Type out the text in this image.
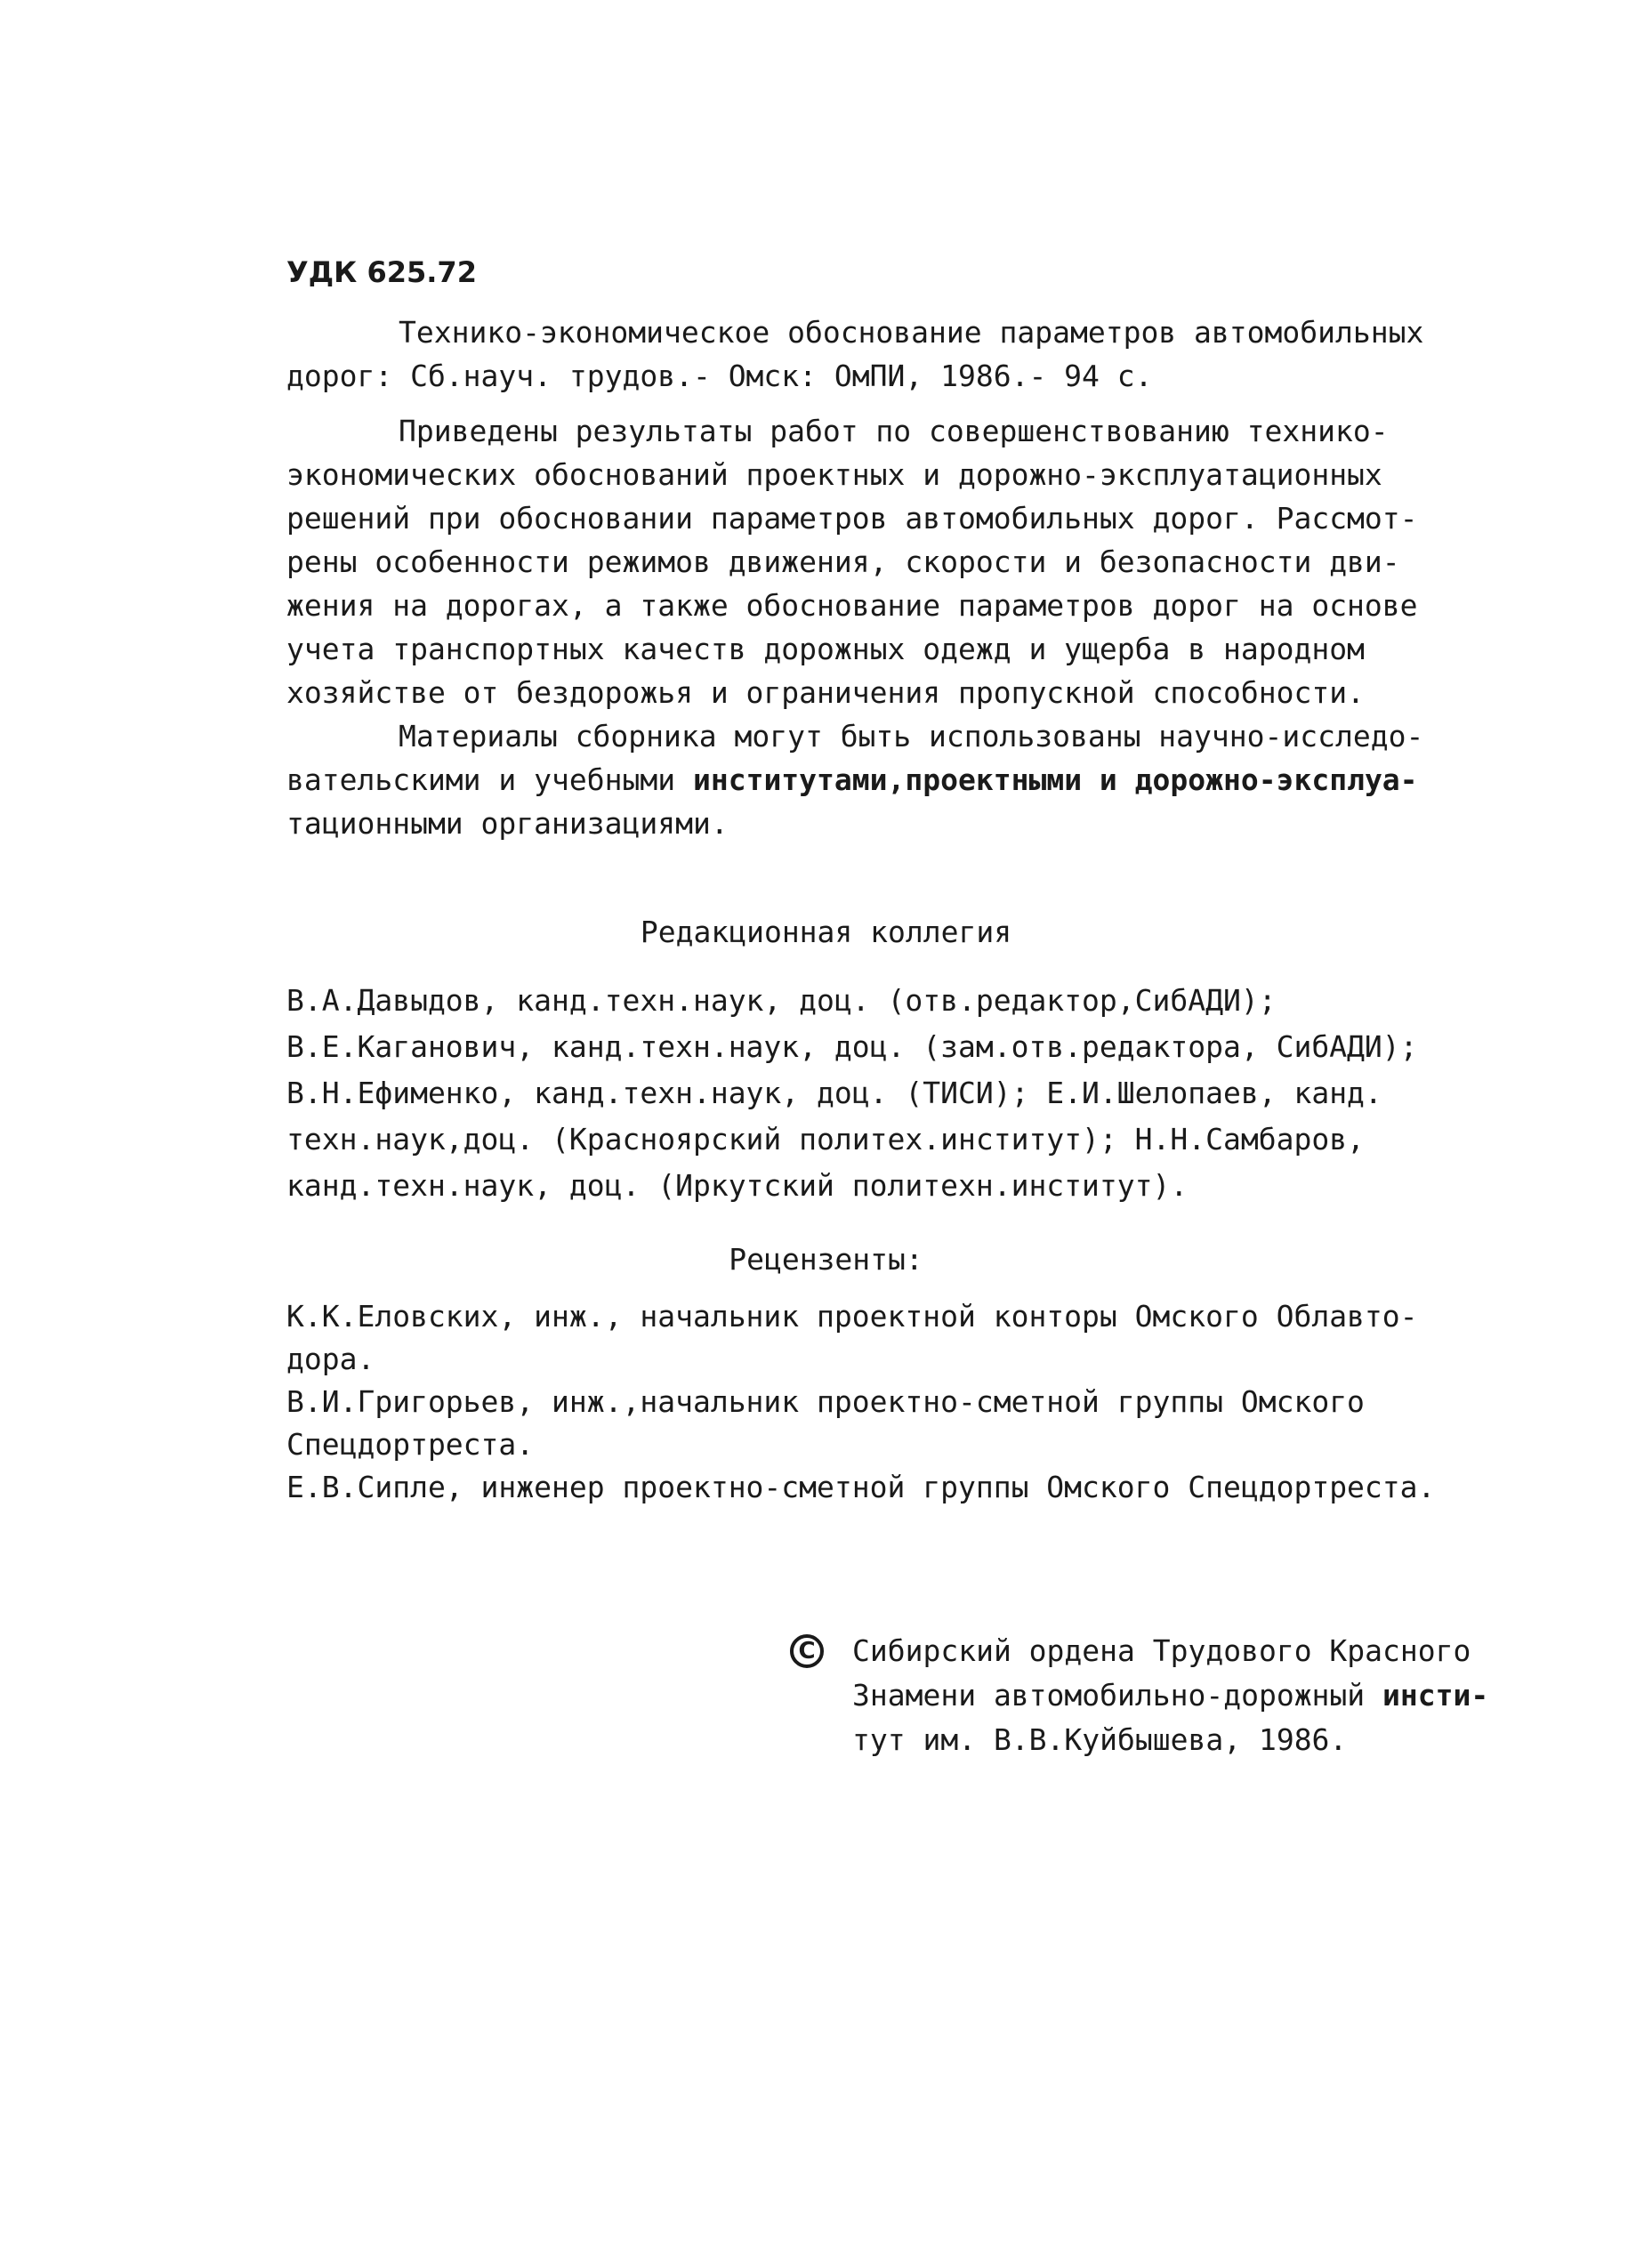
УДК 625.72
Технико-экономическое обоснование параметров автомобильных
дорог: Сб.науч. трудов.- Омск: ОмПИ, 1986.- 94 с.
Приведены результаты работ по совершенствованию технико-
экономических обоснований проектных и дорожно-эксплуатационных
решений при обосновании параметров автомобильных дорог. Рассмот-
рены особенности режимов движения, скорости и безопасности дви-
жения на дорогах, а также обоснование параметров дорог на основе
учета транспортных качеств дорожных одежд и ущерба в народном
хозяйстве от бездорожья и ограничения пропускной способности.
Материалы сборника могут быть использованы научно-исследо-
вательскими и учебными институтами,проектными и дорожно-эксплуа-
тационными организациями.
Редакционная коллегия
В.А.Давыдов, канд.техн.наук, доц. (отв.редактор,СибАДИ);
В.Е.Каганович, канд.техн.наук, доц. (зам.отв.редактора, СибАДИ);
В.Н.Ефименко, канд.техн.наук, доц. (ТИСИ); Е.И.Шелопаев, канд.
техн.наук,доц. (Красноярский политех.институт); Н.Н.Самбаров,
канд.техн.наук, доц. (Иркутский политехн.институт).
Рецензенты:
К.К.Еловских, инж., начальник проектной конторы Омского Облавто-
дора.
В.И.Григорьев, инж.,начальник проектно-сметной группы Омского
Спецдортреста.
Е.В.Сипле, инженер проектно-сметной группы Омского Спецдортреста.
С Сибирский ордена Трудового Красного
Знамени автомобильно-дорожный инсти-
тут им. В.В.Куйбышева, 1986.
